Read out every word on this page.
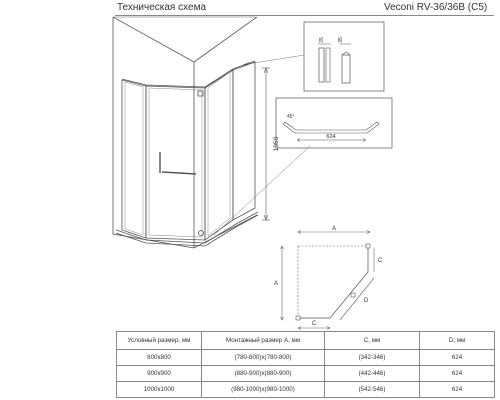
Техническая схема	Veconi RV-36/36B (C5)
1950
25	35
624
45°
A
A
C
D
C
Условный размер, мм	Монтажный размер A, мм	C, мм	D, мм
800x800	(780-800)x(780-800)	(342-346)	624
900x900	(880-900)x(880-900)	(442-446)	624
1000x1000	(980-1000)x(980-1000)	(542-546)	624
